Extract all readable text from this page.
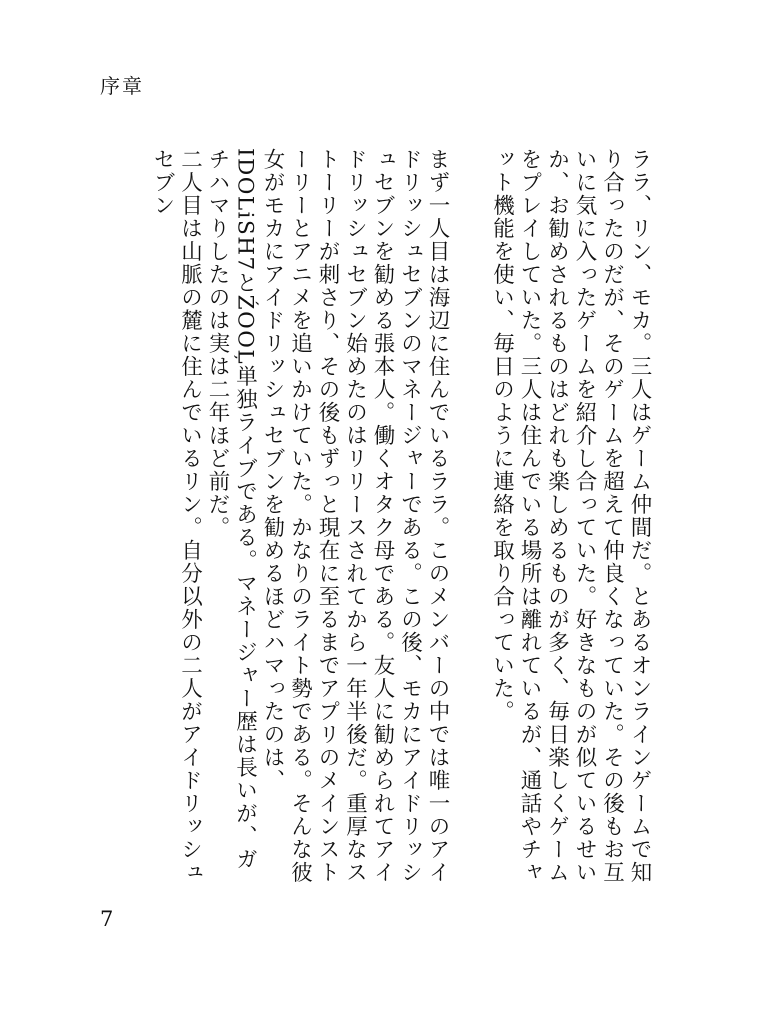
序章

ララ、リン、モカ。三人はゲーム仲間だ。とあるオンラインゲームで知り合ったのだが、そのゲームを超えて仲良くなっていた。その後もお互いに気に入ったゲームを紹介し合っていた。好きなものが似ているせいか、お勧めされるものはどれも楽しめるものが多く、毎日楽しくゲームをプレイしていた。三人は住んでいる場所は離れているが、通話やチャット機能を使い、毎日のように連絡を取り合っていた。

まず一人目は海辺に住んでいるララ。このメンバーの中では唯一のアイドリッシュセブンのマネージャーである。この後、モカにアイドリッシュセブンを勧める張本人。働くオタク母である。友人に勧められてアイドリッシュセブン始めたのはリリースされてから一年半後だ。重厚なストーリーが刺さり、その後もずっと現在に至るまでアプリのメインストーリーとアニメを追いかけていた。かなりのライト勢である。そんな彼女がモカにアイドリッシュセブンを勧めるほどハマったのは、IDOLiSH7とŹOOĻ単独ライブである。マネージャー歴は長いが、ガチハマりしたのは実は二年ほど前だ。

二人目は山脈の麓に住んでいるリン。自分以外の二人がアイドリッシュセブン

7
